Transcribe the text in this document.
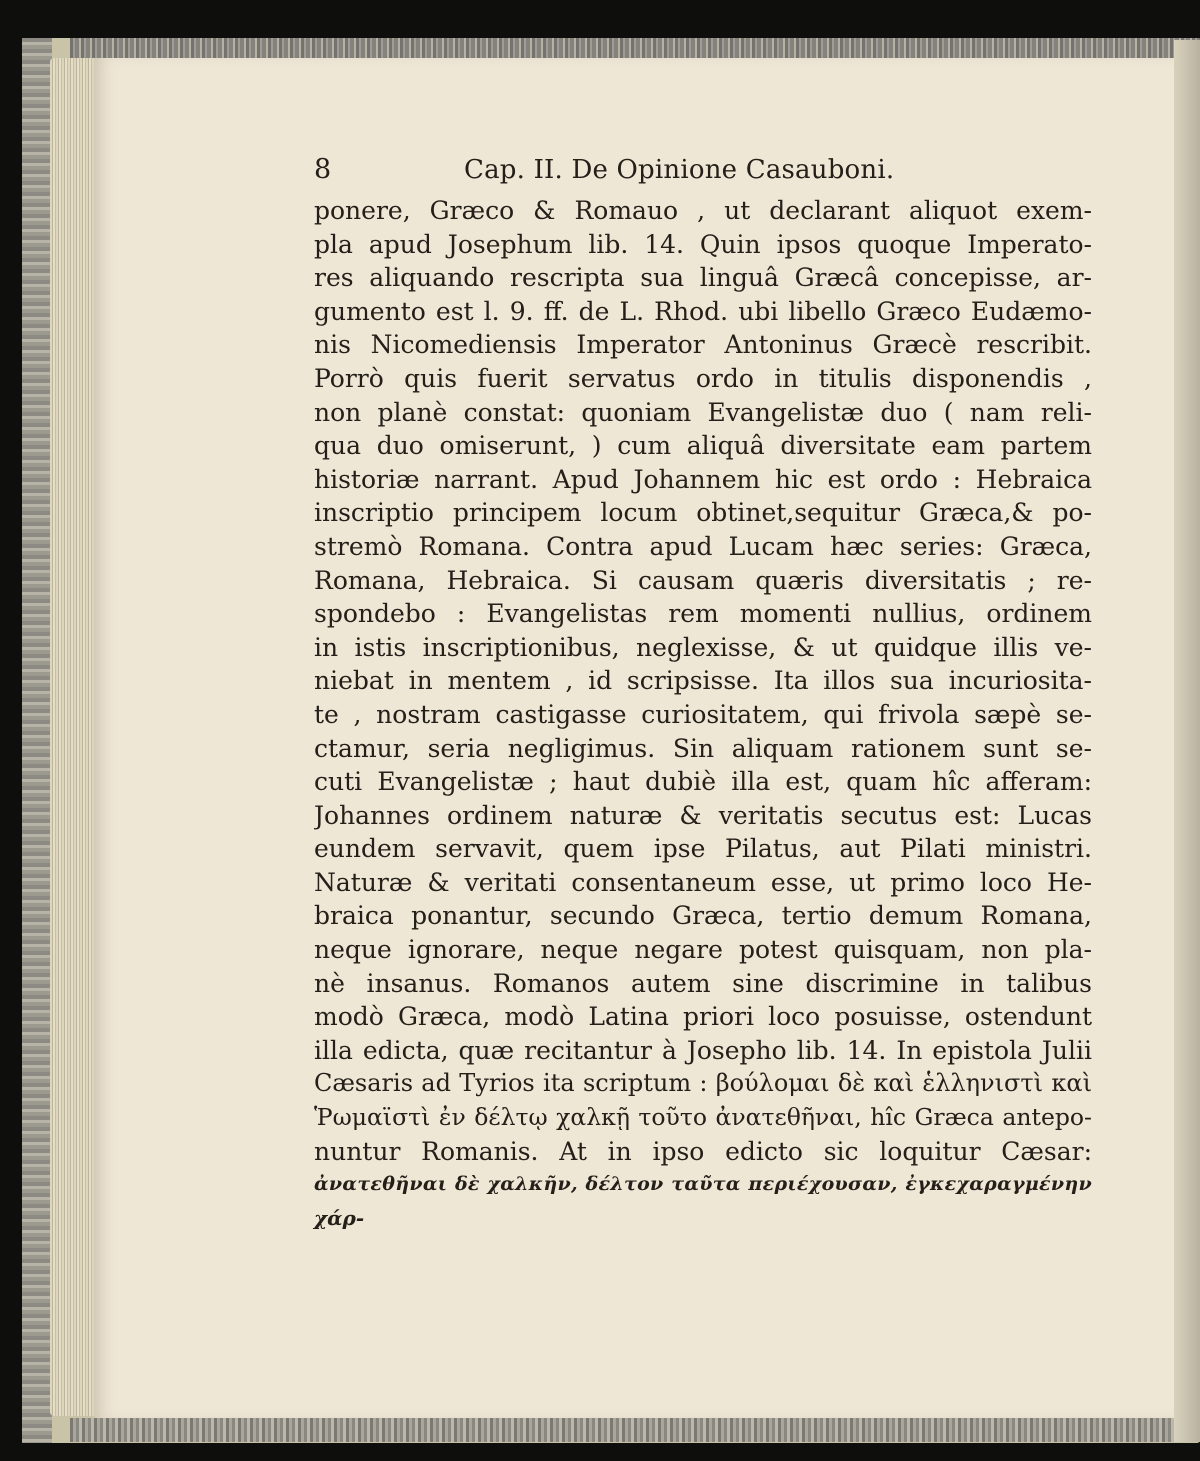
8	Cap. II. De Opinione Casauboni.
ponere, Græco & Romauo , ut declarant aliquot exem-
pla apud Josephum lib. 14. Quin ipsos quoque Imperato-
res aliquando rescripta sua linguâ Græcâ concepisse, ar-
gumento est l. 9. ff. de L. Rhod. ubi libello Græco Eudæmo-
nis Nicomediensis Imperator Antoninus Græcè rescribit.
Porrò quis fuerit servatus ordo in titulis disponendis ,
non planè constat: quoniam Evangelistæ duo ( nam reli-
qua duo omiserunt, ) cum aliquâ diversitate eam partem
historiæ narrant. Apud Johannem hic est ordo : Hebraica
inscriptio principem locum obtinet,sequitur Græca,& po-
stremò Romana. Contra apud Lucam hæc series: Græca,
Romana, Hebraica. Si causam quæris diversitatis ; re-
spondebo : Evangelistas rem momenti nullius, ordinem
in istis inscriptionibus, neglexisse, & ut quidque illis ve-
niebat in mentem , id scripsisse. Ita illos sua incuriosita-
te , nostram castigasse curiositatem, qui frivola sæpè se-
ctamur, seria negligimus. Sin aliquam rationem sunt se-
cuti Evangelistæ ; haut dubiè illa est, quam hîc afferam:
Johannes ordinem naturæ & veritatis secutus est: Lucas
eundem servavit, quem ipse Pilatus, aut Pilati ministri.
Naturæ & veritati consentaneum esse, ut primo loco He-
braica ponantur, secundo Græca, tertio demum Romana,
neque ignorare, neque negare potest quisquam, non pla-
nè insanus. Romanos autem sine discrimine in talibus
modò Græca, modò Latina priori loco posuisse, ostendunt
illa edicta, quæ recitantur à Josepho lib. 14. In epistola Julii
Cæsaris ad Tyrios ita scriptum : βούλομαι δὲ καὶ ἑλληνιστὶ καὶ
Ῥωμαϊστὶ ἐν δέλτῳ χαλκῇ τοῦτο ἀνατεθῆναι, hîc Græca antepo-
nuntur Romanis. At in ipso edicto sic loquitur Cæsar:
ἀνατεθῆναι δὲ χαλκῆν, δέλτον ταῦτα περιέχουσαν, ἐγκεχαραγμένην
χάρ-
